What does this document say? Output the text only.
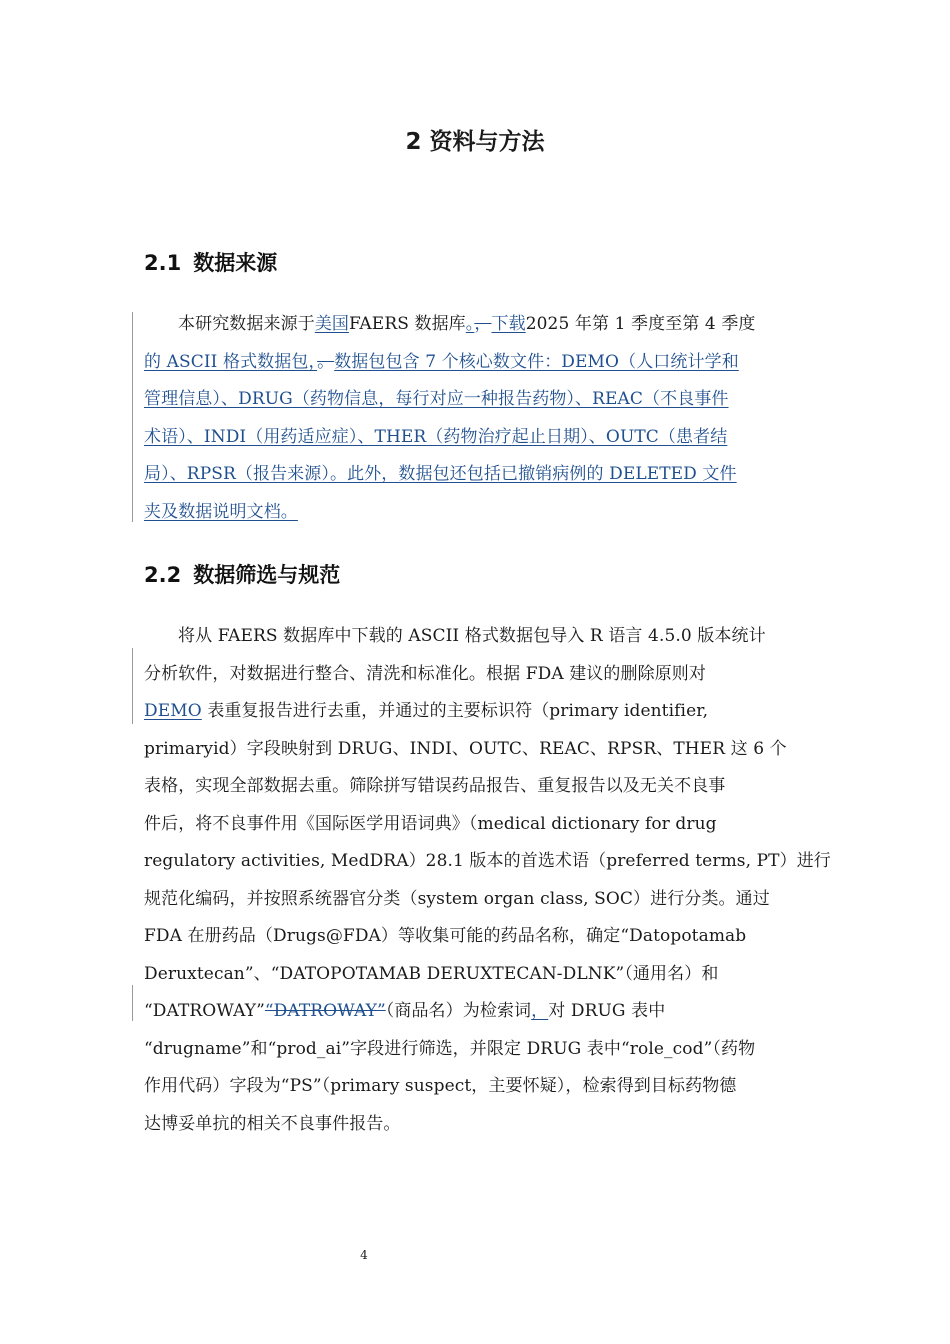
2 资料与方法
2.1 数据来源
本研究数据来源于美国FAERS 数据库。，下载2025 年第 1 季度至第 4 季度
的 ASCII 格式数据包，。数据包包含 7 个核心数文件：DEMO（人口统计学和
管理信息）、DRUG（药物信息，每行对应一种报告药物）、REAC（不良事件
术语）、INDI（用药适应症）、THER（药物治疗起止日期）、OUTC（患者结
局）、RPSR（报告来源）。此外，数据包还包括已撤销病例的 DELETED 文件
夹及数据说明文档。
2.2 数据筛选与规范
将从 FAERS 数据库中下载的 ASCII 格式数据包导入 R 语言 4.5.0 版本统计
分析软件，对数据进行整合、清洗和标准化。根据 FDA 建议的删除原则对
DEMO 表重复报告进行去重，并通过的主要标识符（primary identifier,
primaryid）字段映射到 DRUG、INDI、OUTC、REAC、RPSR、THER 这 6 个
表格，实现全部数据去重。筛除拼写错误药品报告、重复报告以及无关不良事
件后，将不良事件用《国际医学用语词典》（medical dictionary for drug
regulatory activities, MedDRA）28.1 版本的首选术语（preferred terms, PT）进行
规范化编码，并按照系统器官分类（system organ class, SOC）进行分类。通过
FDA 在册药品（Drugs@FDA）等收集可能的药品名称，确定“Datopotamab
Deruxtecan”、“DATOPOTAMAB DERUXTECAN-DLNK”（通用名）和
“DATROWAY”“DATROWAY”（商品名）为检索词，对 DRUG 表中
“drugname”和“prod_ai”字段进行筛选，并限定 DRUG 表中“role_cod”（药物
作用代码）字段为“PS”（primary suspect，主要怀疑），检索得到目标药物德
达博妥单抗的相关不良事件报告。
4
